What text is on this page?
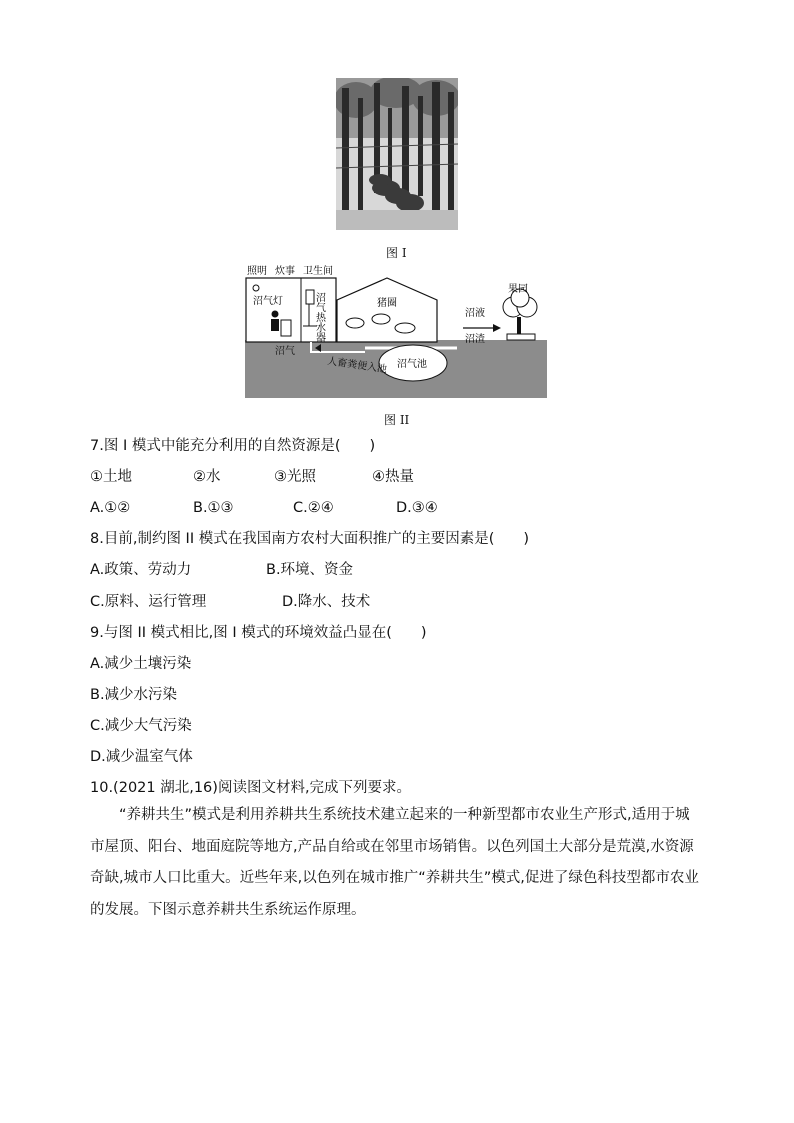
图 I
照明 炊事 卫生间
沼气灯	沼气热水器	猪圈
果园
沼液
沼渣
沼气
人畜粪便入池 沼气池
图 II
7.图 I 模式中能充分利用的自然资源是(　　)
①土地	②水	③光照	④热量
A.①②	B.①③	C.②④	D.③④
8.目前,制约图 II 模式在我国南方农村大面积推广的主要因素是(　　)
A.政策、劳动力	B.环境、资金
C.原料、运行管理	D.降水、技术
9.与图 II 模式相比,图 I 模式的环境效益凸显在(　　)
A.减少土壤污染
B.减少水污染
C.减少大气污染
D.减少温室气体
10.(2021 湖北,16)阅读图文材料,完成下列要求。
“养耕共生”模式是利用养耕共生系统技术建立起来的一种新型都市农业生产形式,适用于城市屋顶、阳台、地面庭院等地方,产品自给或在邻里市场销售。以色列国土大部分是荒漠,水资源奇缺,城市人口比重大。近些年来,以色列在城市推广“养耕共生”模式,促进了绿色科技型都市农业的发展。下图示意养耕共生系统运作原理。
